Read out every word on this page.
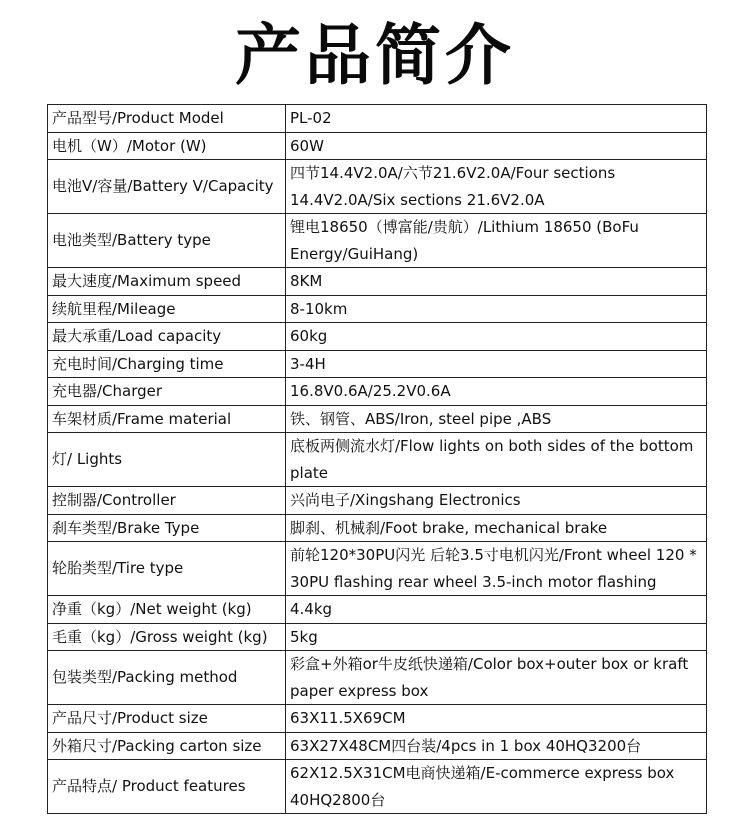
产品简介
产品型号/Product Model	PL-02
电机（W）/Motor (W)	60W
电池V/容量/Battery V/Capacity	四节14.4V2.0A/六节21.6V2.0A/Four sections 14.4V2.0A/Six sections 21.6V2.0A
电池类型/Battery type	锂电18650（博富能/贵航）/Lithium 18650 (BoFu Energy/GuiHang)
最大速度/Maximum speed	8KM
续航里程/Mileage	8-10km
最大承重/Load capacity	60kg
充电时间/Charging time	3-4H
充电器/Charger	16.8V0.6A/25.2V0.6A
车架材质/Frame material	铁、钢管、ABS/Iron, steel pipe ,ABS
灯/ Lights	底板两侧流水灯/Flow lights on both sides of the bottom plate
控制器/Controller	兴尚电子/Xingshang Electronics
刹车类型/Brake Type	脚刹、机械刹/Foot brake, mechanical brake
轮胎类型/Tire type	前轮120*30PU闪光 后轮3.5寸电机闪光/Front wheel 120 * 30PU flashing rear wheel 3.5-inch motor flashing
净重（kg）/Net weight (kg)	4.4kg
毛重（kg）/Gross weight (kg)	5kg
包装类型/Packing method	彩盒+外箱or牛皮纸快递箱/Color box+outer box or kraft paper express box
产品尺寸/Product size	63X11.5X69CM
外箱尺寸/Packing carton size	63X27X48CM四台装/4pcs in 1 box 40HQ3200台
产品特点/ Product features	62X12.5X31CM电商快递箱/E-commerce express box 40HQ2800台
